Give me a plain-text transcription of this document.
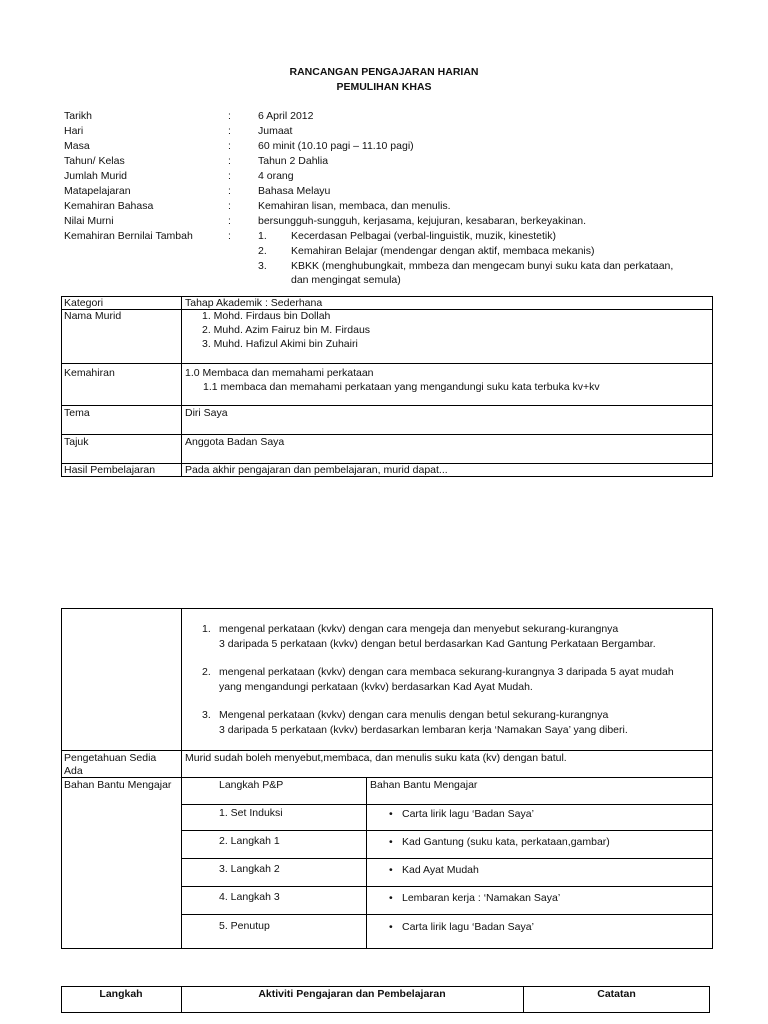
RANCANGAN PENGAJARAN HARIAN
PEMULIHAN KHAS
Tarikh	:	6 April 2012
Hari	:	Jumaat
Masa	:	60 minit (10.10 pagi – 11.10 pagi)
Tahun/ Kelas	:	Tahun 2 Dahlia
Jumlah Murid	:	4 orang
Matapelajaran	:	Bahasa Melayu
Kemahiran Bahasa	:	Kemahiran lisan, membaca, dan menulis.
Nilai Murni	:	bersungguh-sungguh, kerjasama, kejujuran, kesabaran, berkeyakinan.
Kemahiran Bernilai Tambah	:	1. Kecerdasan Pelbagai (verbal-linguistik, muzik, kinestetik)
2. Kemahiran Belajar (mendengar dengan aktif, membaca mekanis)
3. KBKK (menghubungkait, mmbeza dan mengecam bunyi suku kata dan perkataan,
dan mengingat semula)
Kategori	Tahap Akademik : Sederhana
Nama Murid	1. Mohd. Firdaus bin Dollah
2. Muhd. Azim Fairuz bin M. Firdaus
3. Muhd. Hafizul Akimi bin Zuhairi
Kemahiran	1.0 Membaca dan memahami perkataan
1.1 membaca dan memahami perkataan yang mengandungi suku kata terbuka kv+kv
Tema	Diri Saya
Tajuk	Anggota Badan Saya
Hasil Pembelajaran	Pada akhir pengajaran dan pembelajaran, murid dapat...
1. mengenal perkataan (kvkv) dengan cara mengeja dan menyebut sekurang-kurangnya
3 daripada 5 perkataan (kvkv) dengan betul berdasarkan Kad Gantung Perkataan Bergambar.
2. mengenal perkataan (kvkv) dengan cara membaca sekurang-kurangnya 3 daripada 5 ayat mudah
yang mengandungi perkataan (kvkv) berdasarkan Kad Ayat Mudah.
3. Mengenal perkataan (kvkv) dengan cara menulis dengan betul sekurang-kurangnya
3 daripada 5 perkataan (kvkv) berdasarkan lembaran kerja ‘Namakan Saya’ yang diberi.
Pengetahuan Sedia
Ada
Murid sudah boleh menyebut,membaca, dan menulis suku kata (kv) dengan batul.
Bahan Bantu Mengajar	Langkah P&P	Bahan Bantu Mengajar
1. Set Induksi	• Carta lirik lagu ‘Badan Saya’
2. Langkah 1	• Kad Gantung (suku kata, perkataan,gambar)
3. Langkah 2	• Kad Ayat Mudah
4. Langkah 3	• Lembaran kerja : ‘Namakan Saya’
5. Penutup	• Carta lirik lagu ‘Badan Saya’
Langkah	Aktiviti Pengajaran dan Pembelajaran	Catatan
